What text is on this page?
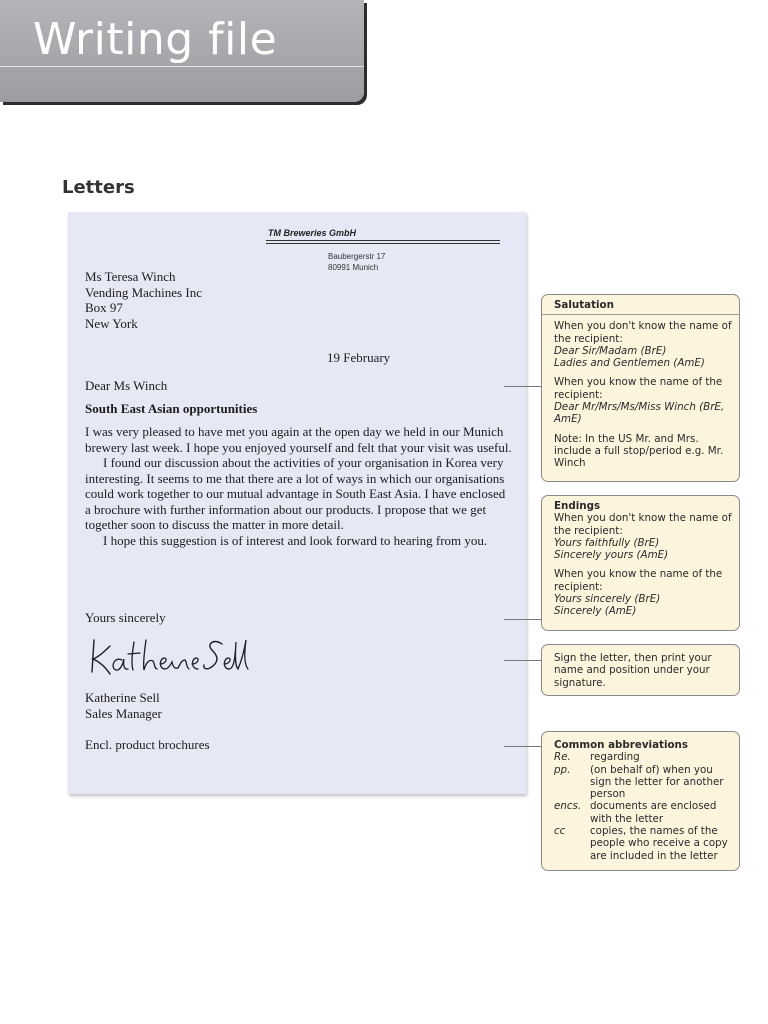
Writing file
Letters
TM Breweries GmbH
Baubergerstr 17
80991 Munich
Ms Teresa Winch
Vending Machines Inc
Box 97
New York
19 February
Dear Ms Winch
South East Asian opportunities

I was very pleased to have met you again at the open day we held in our Munich brewery last week. I hope you enjoyed yourself and felt that your visit was useful.

I found our discussion about the activities of your organisation in Korea very interesting. It seems to me that there are a lot of ways in which our organisations could work together to our mutual advantage in South East Asia. I have enclosed a brochure with further information about our products. I propose that we get together soon to discuss the matter in more detail.

I hope this suggestion is of interest and look forward to hearing from you.

Yours sincerely
Katherine Sell
Sales Manager
Encl. product brochures
Salutation
When you don't know the name of the recipient:
Dear Sir/Madam (BrE)
Ladies and Gentlemen (AmE)
When you know the name of the recipient:
Dear Mr/Mrs/Ms/Miss Winch (BrE, AmE)
Note: In the US Mr. and Mrs. include a full stop/period e.g. Mr. Winch
Endings
When you don't know the name of the recipient:
Yours faithfully (BrE)
Sincerely yours (AmE)
When you know the name of the recipient:
Yours sincerely (BrE)
Sincerely (AmE)
Sign the letter, then print your name and position under your signature.
Common abbreviations
Re.	regarding
pp.	(on behalf of) when you sign the letter for another person
encs. documents are enclosed with the letter
cc	copies, the names of the people who receive a copy are included in the letter
